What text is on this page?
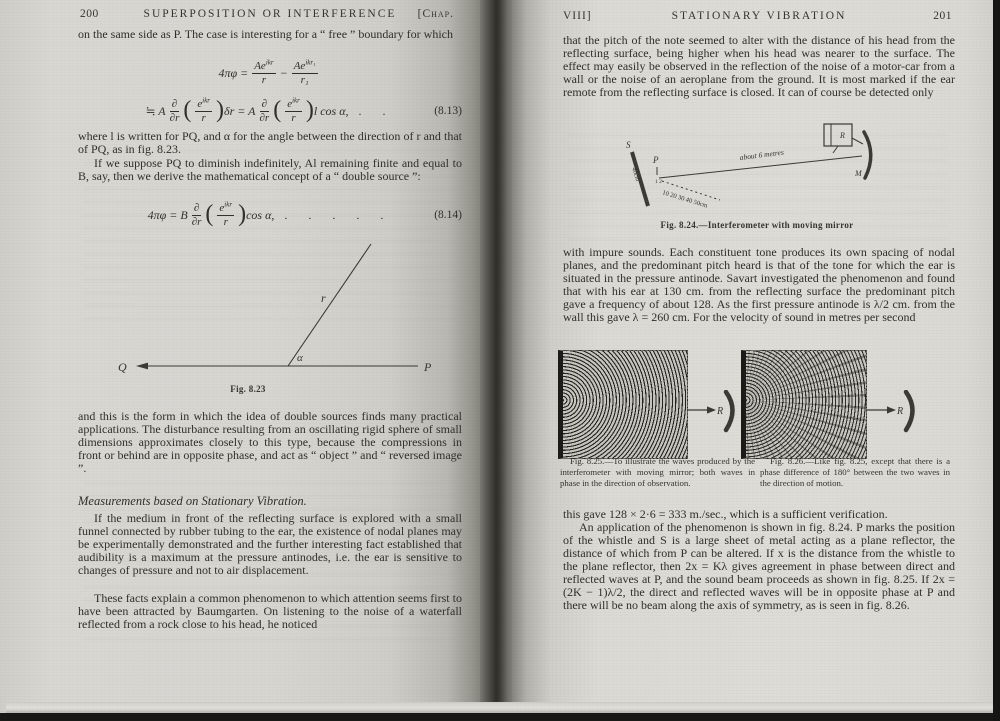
200	SUPERPOSITION OR INTERFERENCE	[Chap.
on the same side as P. The case is interesting for a “ free ” boundary for which
$4\pi\varphi = \frac{Ae^{ikr}}{r} - \frac{Ae^{ikr_1}}{\text{r₁}}$
≒ A $\frac{\partial}{\partial r}$ ( $\frac{e^{ikr}}{r}$ ) δr = A $\frac{\partial}{\partial r}$ ( $\frac{e^{ikr}}{r}$ ) l cos α, . .	(8.13)
where l is written for PQ, and α for the angle between the direction of r and that of PQ, as in fig. 8.23.
If we suppose PQ to diminish indefinitely, Al remaining finite and equal to B, say, then we derive the mathematical concept of a “ double source ”:
4πφ = B $\frac{\partial}{\partial r}$ ( $\frac{e^{ikr}}{r}$ ) cos α, . . . . .	(8.14)
Q	P
r
α
Fig. 8.23
and this is the form in which the idea of double sources finds many practical applications. The disturbance resulting from an oscillating rigid sphere of small dimensions approximates closely to this type, because the compressions in front or behind are in opposite phase, and act as “ object ” and “ reversed image ”.
Measurements based on Stationary Vibration.
If the medium in front of the reflecting surface is explored with a small funnel connected by rubber tubing to the ear, the existence of nodal planes may be experimentally demonstrated and the further interesting fact established that audibility is a maximum at the pressure antinodes, i.e. the ear is sensitive to changes of pressure and not to air displacement.
These facts explain a common phenomenon to which attention seems first to have been attracted by Baumgarten. On listening to the noise of a waterfall reflected from a rock close to his head, he noticed
VIII]	STATIONARY VIBRATION	201
that the pitch of the note seemed to alter with the distance of his head from the reflecting surface, being higher when his head was nearer to the surface. The effect may easily be observed in the reflection of the noise of a motor-car from a wall or the noise of an aeroplane from the ground. It is most marked if the ear remote from the reflecting surface is closed. It can of course be detected only
S
40cm
P
1 2
10 20 30 40 50cm
about 6 metres
R
M
Fig. 8.24.—Interferometer with moving mirror
with impure sounds. Each constituent tone produces its own spacing of nodal planes, and the predominant pitch heard is that of the tone for which the ear is situated in the pressure antinode. Savart investigated the phenomenon and found that with his ear at 130 cm. from the reflecting surface the predominant pitch gave a frequency of about 128. As the first pressure antinode is λ/2 cm. from the wall this gave λ = 260 cm. For the velocity of sound in metres per second
R	R
Fig. 8.25.—To illustrate the waves produced by the interferometer with moving mirror; both waves in phase in the direction of observation.
Fig. 8.26.—Like fig. 8.25, except that there is a phase difference of 180° between the two waves in the direction of motion.
this gave 128 × 2·6 = 333 m./sec., which is a sufficient verification.
An application of the phenomenon is shown in fig. 8.24. P marks the position of the whistle and S is a large sheet of metal acting as a plane reflector, the distance of which from P can be altered. If x is the distance from the whistle to the plane reflector, then 2x = Kλ gives agreement in phase between direct and reflected waves at P, and the sound beam proceeds as shown in fig. 8.25. If 2x = (2K − 1)λ/2, the direct and reflected waves will be in opposite phase at P and there will be no beam along the axis of symmetry, as is seen in fig. 8.26.
